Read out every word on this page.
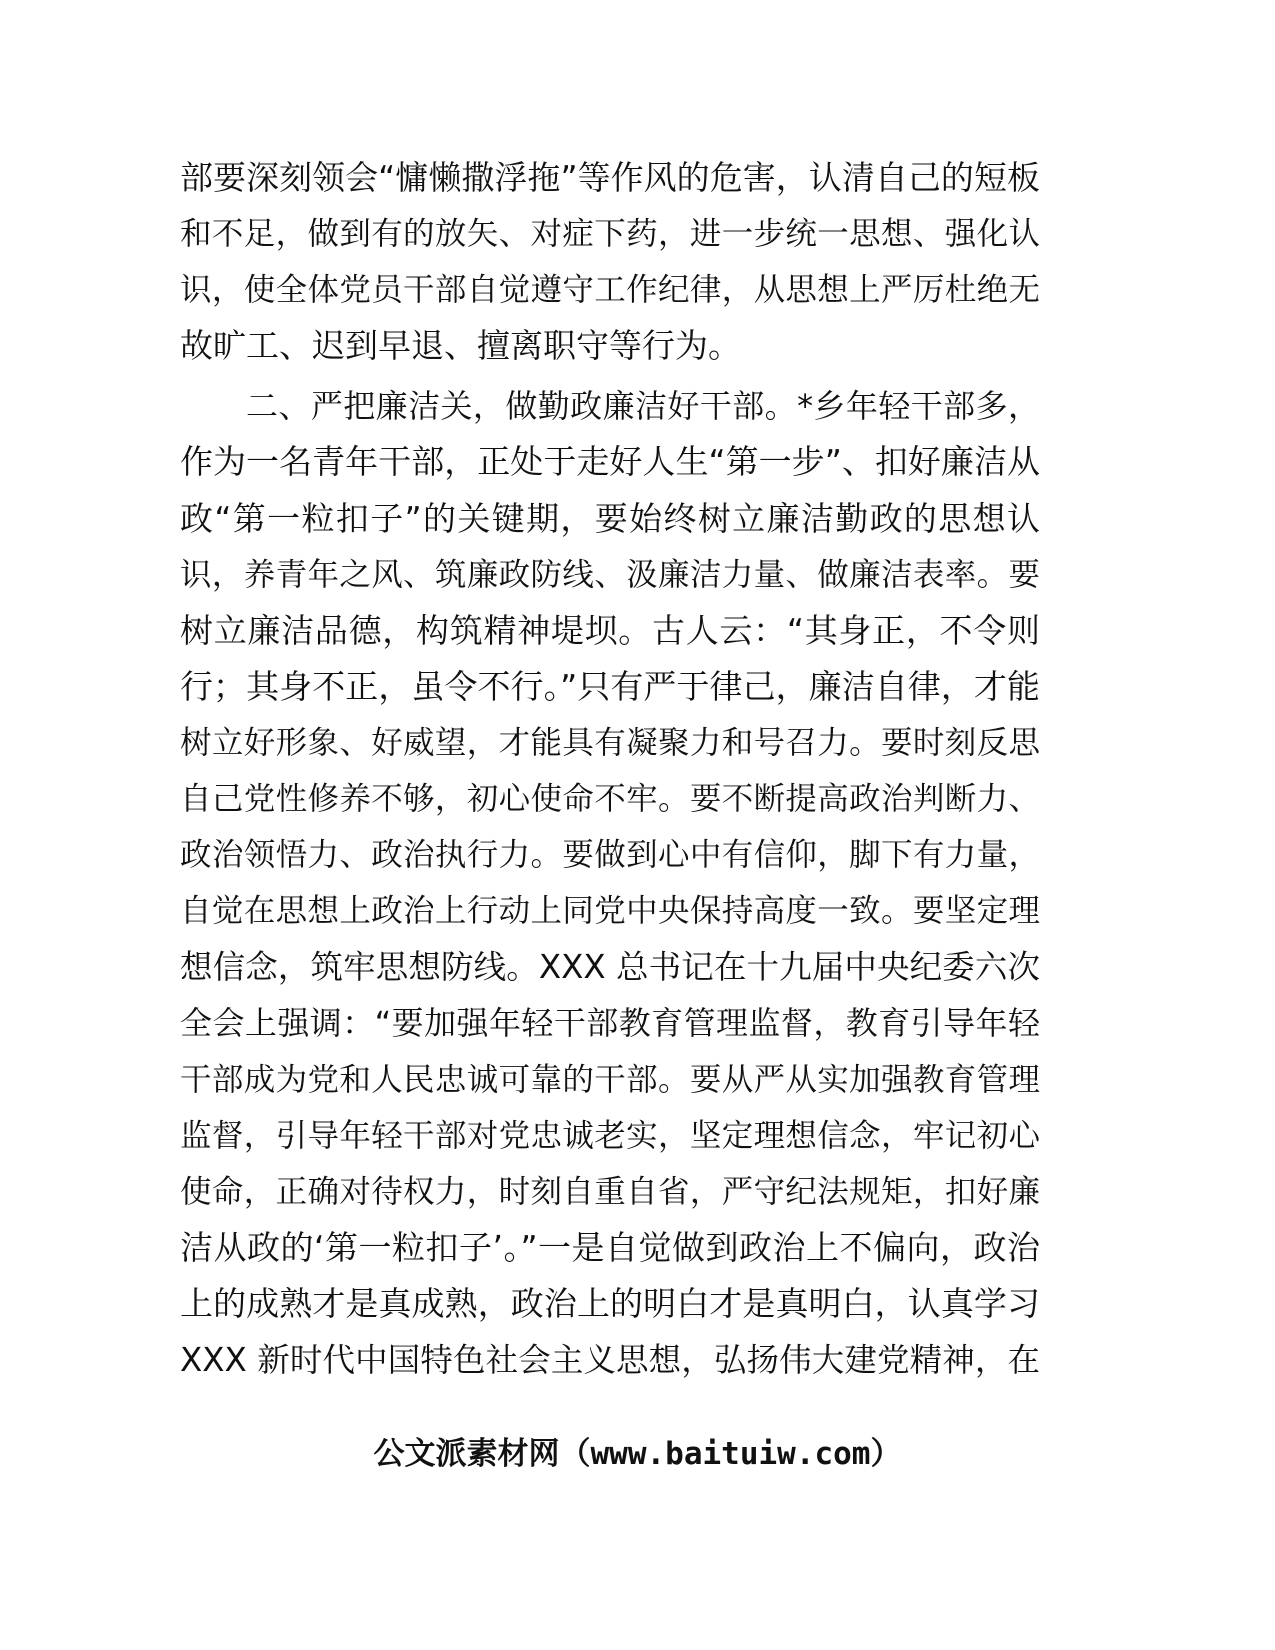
部要深刻领会“慵懒撒浮拖”等作风的危害，认清自己的短板
和不足，做到有的放矢、对症下药，进一步统一思想、强化认
识，使全体党员干部自觉遵守工作纪律，从思想上严厉杜绝无
故旷工、迟到早退、擅离职守等行为。
二、严把廉洁关，做勤政廉洁好干部。*乡年轻干部多，
作为一名青年干部，正处于走好人生“第一步”、扣好廉洁从
政“第一粒扣子”的关键期，要始终树立廉洁勤政的思想认
识，养青年之风、筑廉政防线、汲廉洁力量、做廉洁表率。要
树立廉洁品德，构筑精神堤坝。古人云：“其身正，不令则
行；其身不正，虽令不行。”只有严于律己，廉洁自律，才能
树立好形象、好威望，才能具有凝聚力和号召力。要时刻反思
自己党性修养不够，初心使命不牢。要不断提高政治判断力、
政治领悟力、政治执行力。要做到心中有信仰，脚下有力量，
自觉在思想上政治上行动上同党中央保持高度一致。要坚定理
想信念，筑牢思想防线。XXX 总书记在十九届中央纪委六次
全会上强调：“要加强年轻干部教育管理监督，教育引导年轻
干部成为党和人民忠诚可靠的干部。要从严从实加强教育管理
监督，引导年轻干部对党忠诚老实，坚定理想信念，牢记初心
使命，正确对待权力，时刻自重自省，严守纪法规矩，扣好廉
洁从政的‘第一粒扣子’。”一是自觉做到政治上不偏向，政治
上的成熟才是真成熟，政治上的明白才是真明白，认真学习
XXX 新时代中国特色社会主义思想，弘扬伟大建党精神，在
公文派素材网（www.baituiw.com）
